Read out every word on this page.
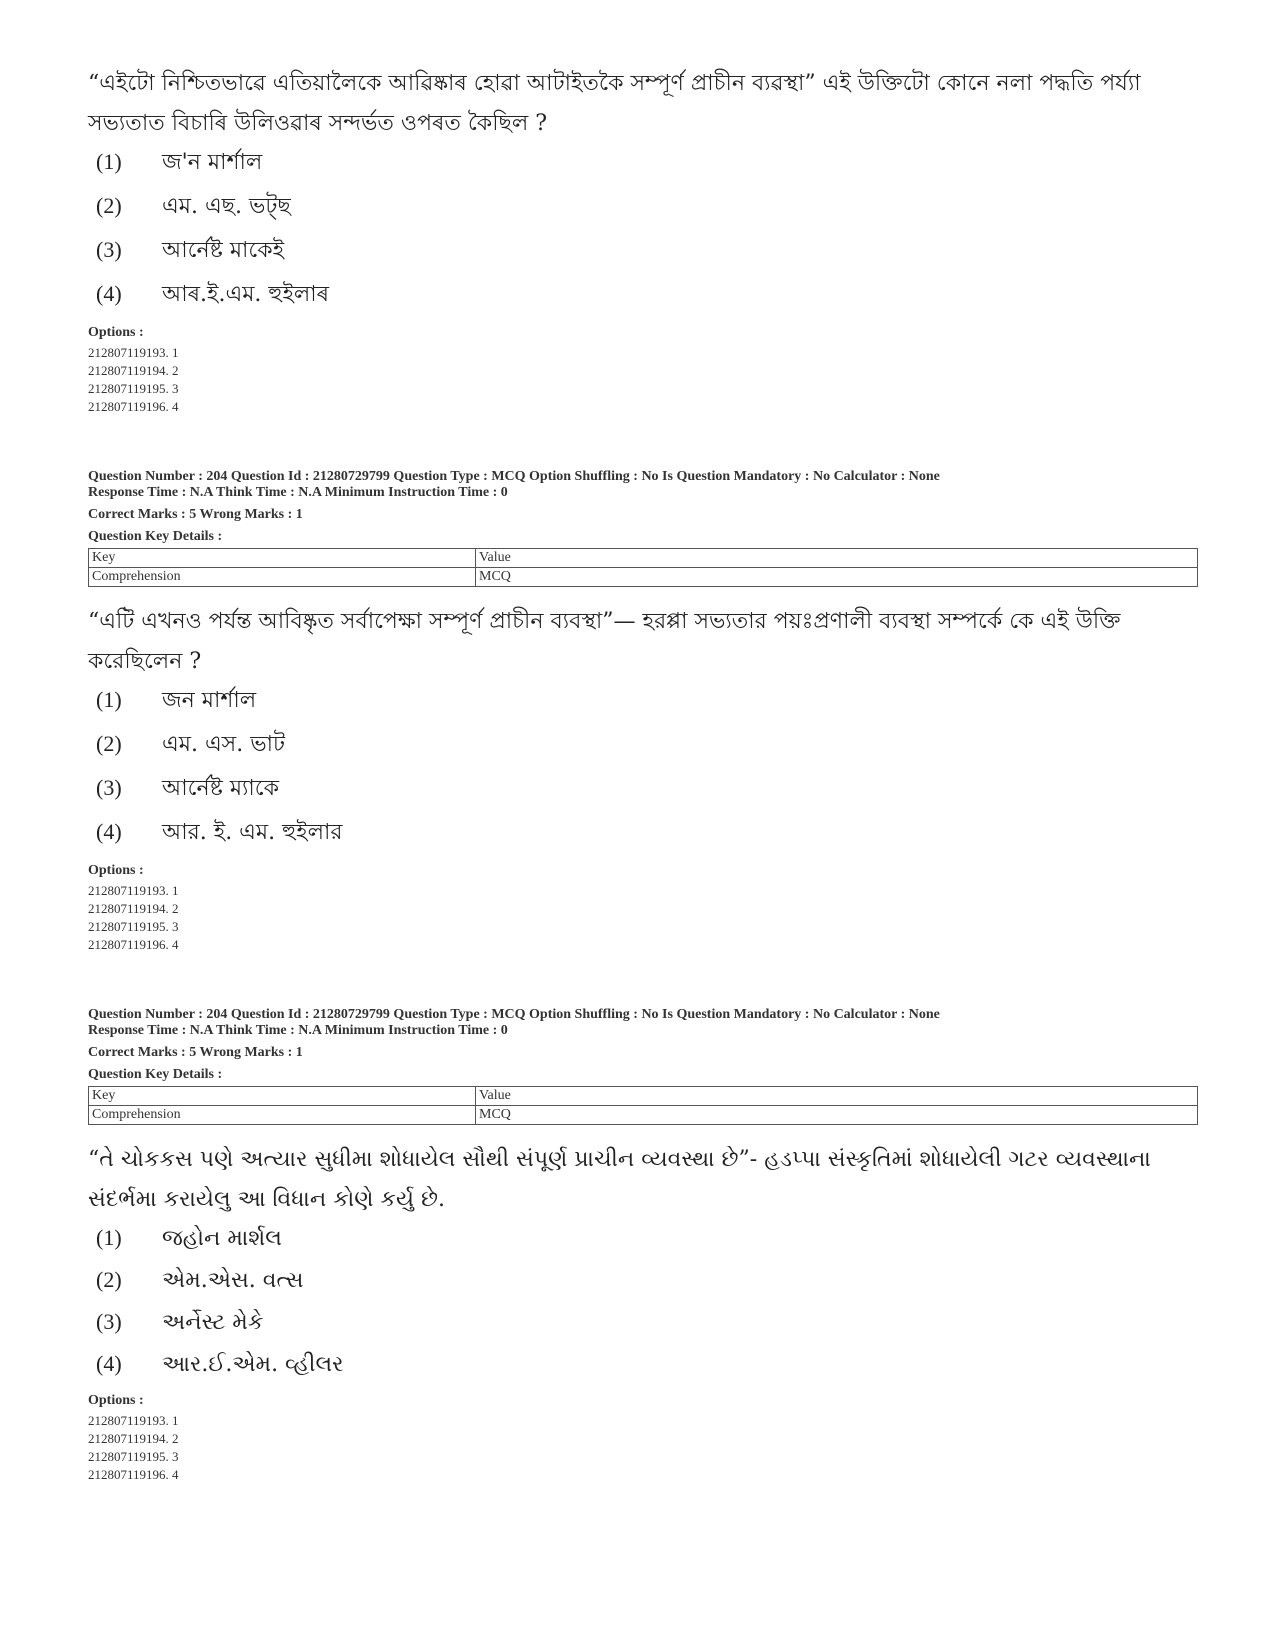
“এইটো নিশ্চিতভাৱে এতিয়ালৈকে আৱিষ্কাৰ হোৱা আটাইতকৈ সম্পূৰ্ণ প্ৰাচীন ব্যৱস্থা” এই উক্তিটো কোনে নলা পদ্ধতি পৰ্য্যা সভ্যতাত বিচাৰি উলিওৱাৰ সন্দৰ্ভত ওপৰত কৈছিল ?
(1) জ'ন মাৰ্শাল
(2) এম. এছ. ভট্‌ছ
(3) আৰ্নেষ্ট মাকেই
(4) আৰ.ই.এম. হুইলাৰ
Options :
212807119193. 1
212807119194. 2
212807119195. 3
212807119196. 4
Question Number : 204 Question Id : 21280729799 Question Type : MCQ Option Shuffling : No Is Question Mandatory : No Calculator : None
Response Time : N.A Think Time : N.A Minimum Instruction Time : 0
Correct Marks : 5 Wrong Marks : 1
Question Key Details :
Key	Value
Comprehension	MCQ
“এটি এখনও পর্যন্ত আবিষ্কৃত সর্বাপেক্ষা সম্পূর্ণ প্রাচীন ব্যবস্থা”— হরপ্পা সভ্যতার পয়ঃপ্রণালী ব্যবস্থা সম্পর্কে কে এই উক্তি করেছিলেন ?
(1) জন মার্শাল
(2) এম. এস. ভাট
(3) আর্নেষ্ট ম্যাকে
(4) আর. ই. এম. হুইলার
Options :
212807119193. 1
212807119194. 2
212807119195. 3
212807119196. 4
Question Number : 204 Question Id : 21280729799 Question Type : MCQ Option Shuffling : No Is Question Mandatory : No Calculator : None
Response Time : N.A Think Time : N.A Minimum Instruction Time : 0
Correct Marks : 5 Wrong Marks : 1
Question Key Details :
Key	Value
Comprehension	MCQ
“તે ચોકકસ પણે અત્યાર સુધીમા શોધાયેલ સૌથી સંપૂર્ણ પ્રાચીન વ્યવસ્થા છે”- હડપ્પા સંસ્કૃતિમાં શોધાયેલી ગટર વ્યવસ્થાના સંદર્ભમા કરાયેલુ આ વિધાન કોણે કર્યુ છે.
(1) જહોન માર્શલ
(2) એમ.એસ. વત્સ
(3) અર્નેસ્ટ મેકે
(4) આર.ઈ.એમ. વ્હીલર
Options :
212807119193. 1
212807119194. 2
212807119195. 3
212807119196. 4
